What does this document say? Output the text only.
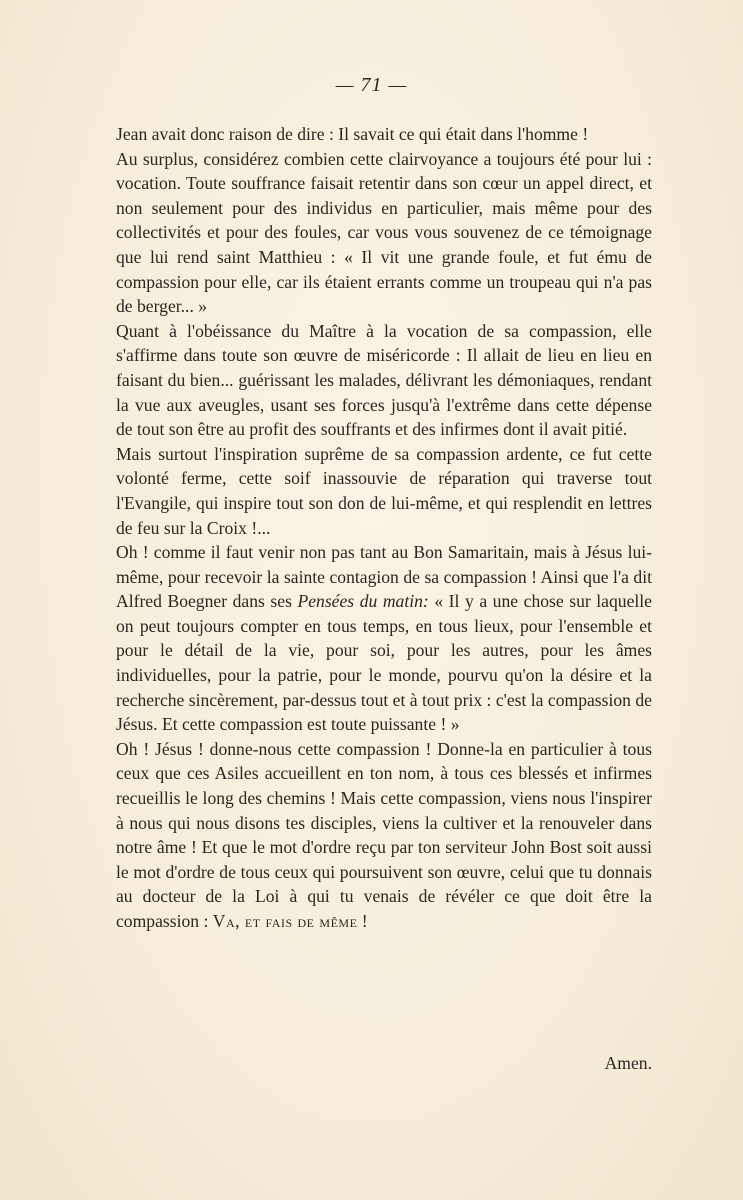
— 71 —

Jean avait donc raison de dire : Il savait ce qui était dans l'homme !

Au surplus, considérez combien cette clairvoyance a toujours été pour lui : vocation. Toute souffrance faisait retentir dans son cœur un appel direct, et non seulement pour des individus en particulier, mais même pour des collectivités et pour des foules, car vous vous souvenez de ce témoignage que lui rend saint Matthieu : « Il vit une grande foule, et fut ému de compassion pour elle, car ils étaient errants comme un troupeau qui n'a pas de berger... »

Quant à l'obéissance du Maître à la vocation de sa compassion, elle s'affirme dans toute son œuvre de miséricorde : Il allait de lieu en lieu en faisant du bien... guérissant les malades, délivrant les démoniaques, rendant la vue aux aveugles, usant ses forces jusqu'à l'extrême dans cette dépense de tout son être au profit des souffrants et des infirmes dont il avait pitié.

Mais surtout l'inspiration suprême de sa compassion ardente, ce fut cette volonté ferme, cette soif inassouvie de réparation qui traverse tout l'Evangile, qui inspire tout son don de lui-même, et qui resplendit en lettres de feu sur la Croix !...

Oh ! comme il faut venir non pas tant au Bon Samaritain, mais à Jésus lui-même, pour recevoir la sainte contagion de sa compassion ! Ainsi que l'a dit Alfred Boegner dans ses Pensées du matin: « Il y a une chose sur laquelle on peut toujours compter en tous temps, en tous lieux, pour l'ensemble et pour le détail de la vie, pour soi, pour les autres, pour les âmes individuelles, pour la patrie, pour le monde, pourvu qu'on la désire et la recherche sincèrement, par-dessus tout et à tout prix : c'est la compassion de Jésus. Et cette compassion est toute puissante ! »

Oh ! Jésus ! donne-nous cette compassion ! Donne-la en particulier à tous ceux que ces Asiles accueillent en ton nom, à tous ces blessés et infirmes recueillis le long des chemins ! Mais cette compassion, viens nous l'inspirer à nous qui nous disons tes disciples, viens la cultiver et la renouveler dans notre âme ! Et que le mot d'ordre reçu par ton serviteur John Bost soit aussi le mot d'ordre de tous ceux qui poursuivent son œuvre, celui que tu donnais au docteur de la Loi à qui tu venais de révéler ce que doit être la compassion : Va, et fais de même !

Amen.
